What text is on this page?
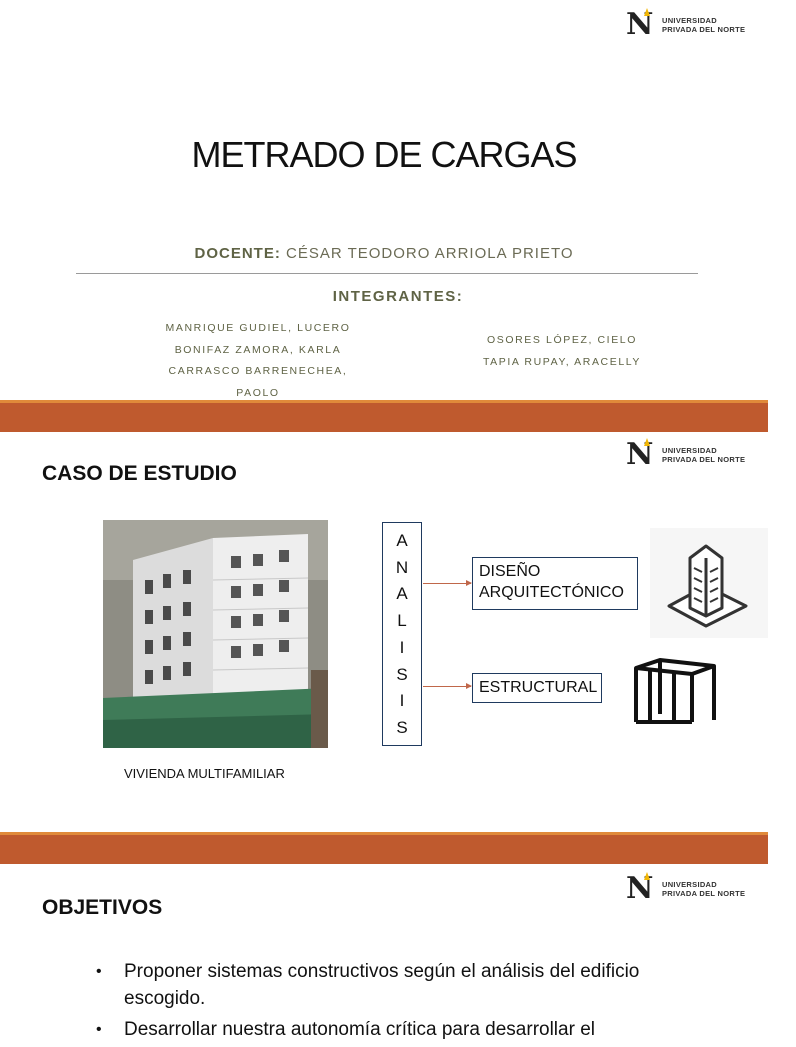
N UNIVERSIDAD
PRIVADA DEL NORTE
METRADO DE CARGAS
DOCENTE: CÉSAR TEODORO ARRIOLA PRIETO
INTEGRANTES:
MANRIQUE GUDIEL, LUCERO
BONIFAZ ZAMORA, KARLA
CARRASCO BARRENECHEA, PAOLO
OSORES LÓPEZ, CIELO
TAPIA RUPAY, ARACELLY
N UNIVERSIDAD
PRIVADA DEL NORTE
CASO DE ESTUDIO
VIVIENDA MULTIFAMILIAR
A
N
A
L
I
S
I
S
DISEÑO
ARQUITECTÓNICO
ESTRUCTURAL
N UNIVERSIDAD
PRIVADA DEL NORTE
OBJETIVOS
• Proponer sistemas constructivos según el análisis del edificio escogido.
• Desarrollar nuestra autonomía crítica para desarrollar el
